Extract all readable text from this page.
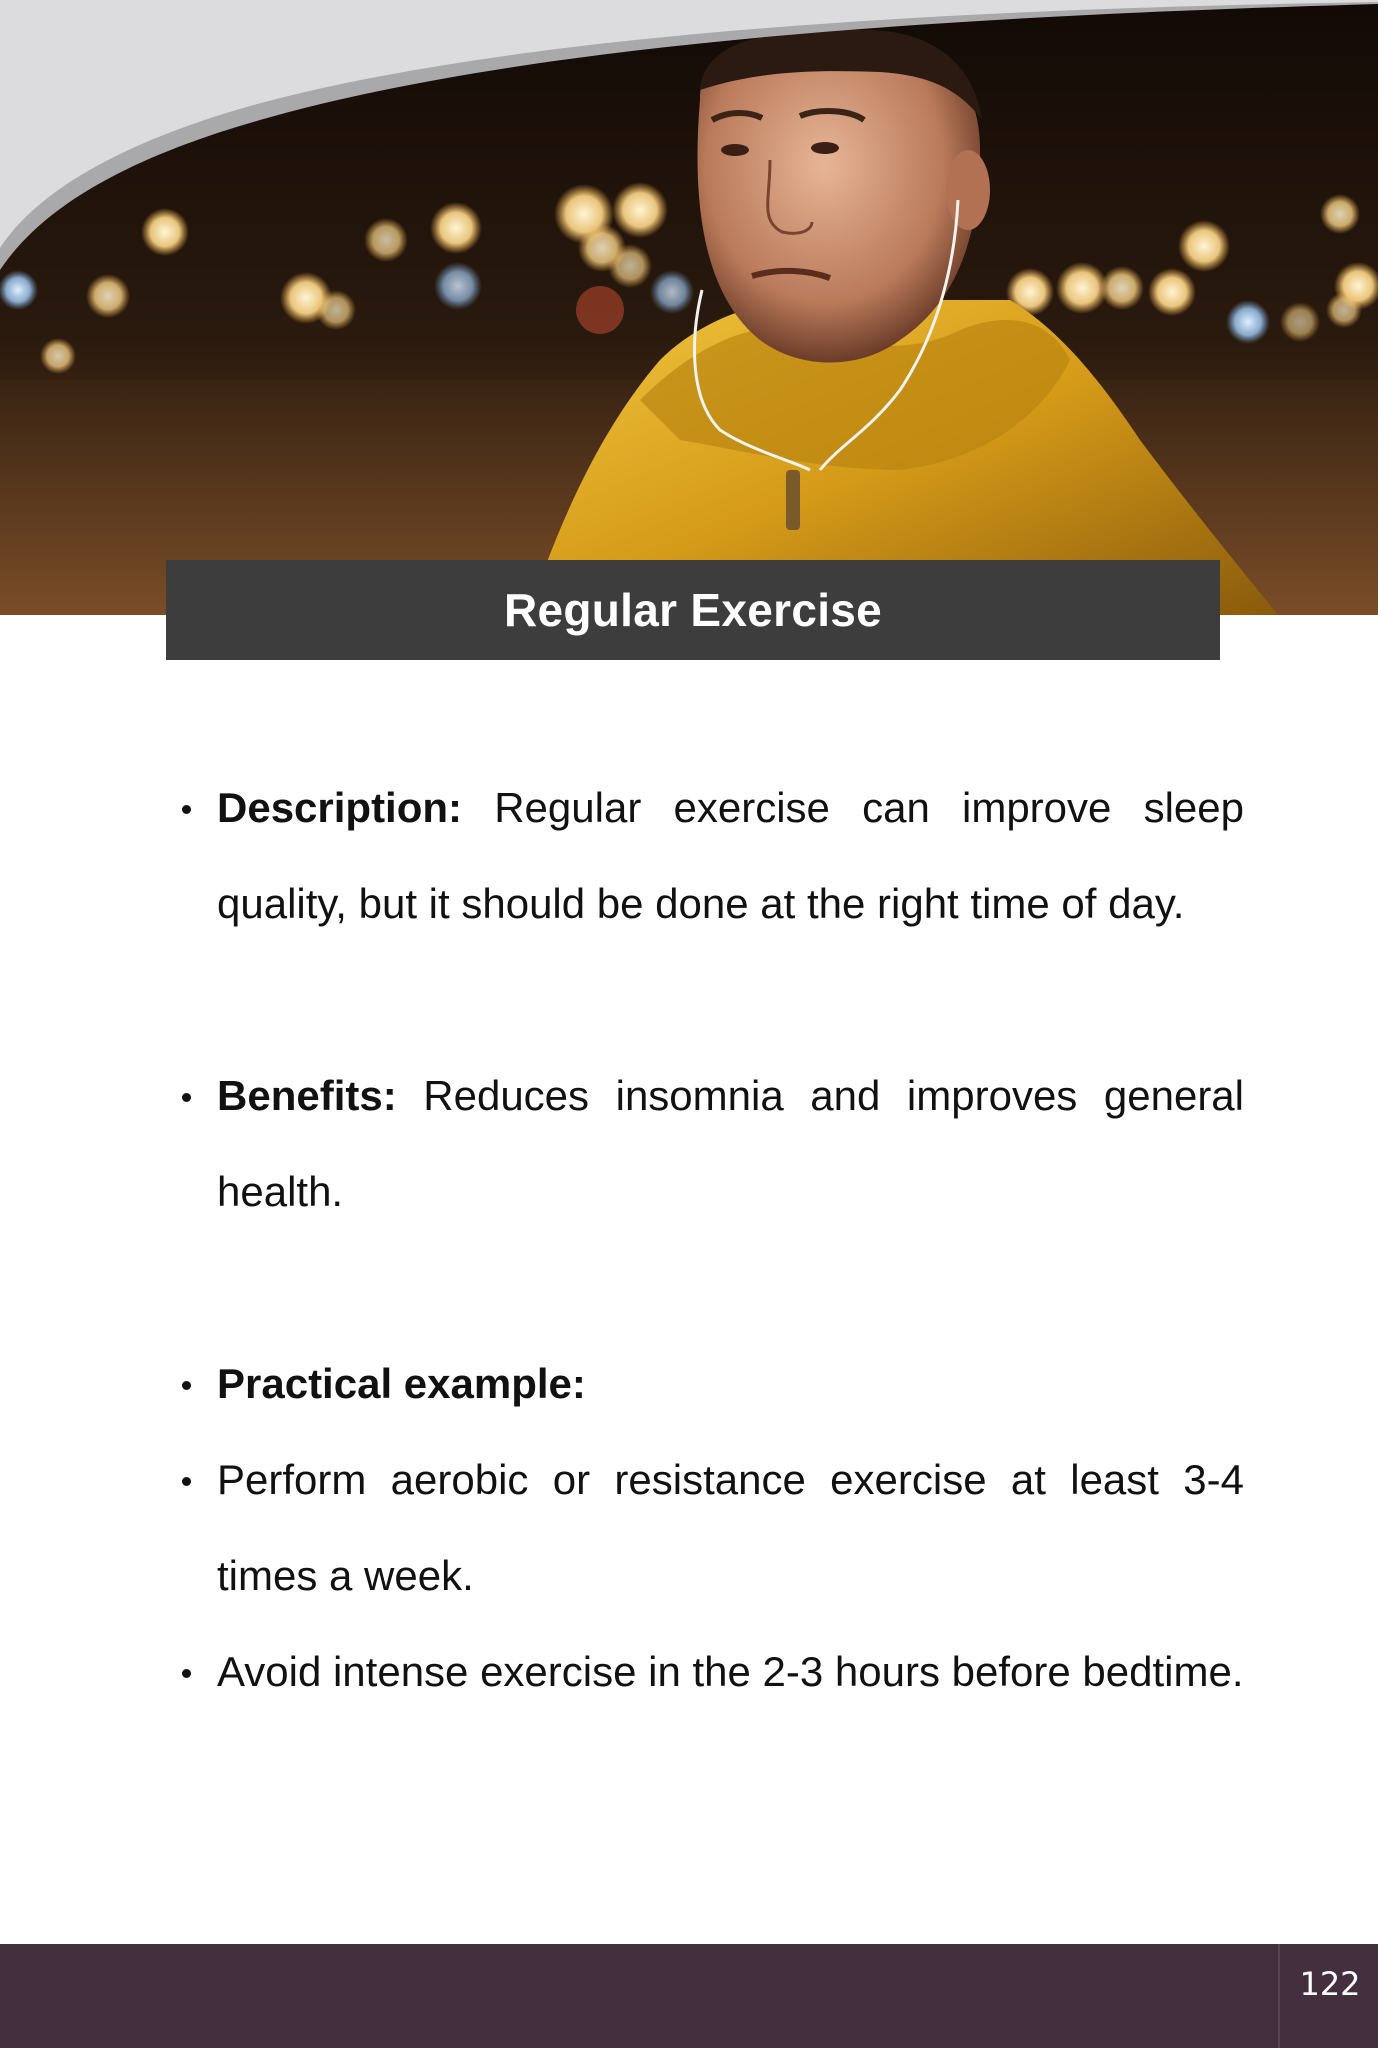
Regular Exercise
Description: Regular exercise can improve sleep quality, but it should be done at the right time of day.
Benefits: Reduces insomnia and improves general health.
Practical example:
Perform aerobic or resistance exercise at least 3-4 times a week.
Avoid intense exercise in the 2-3 hours before bedtime.
122
